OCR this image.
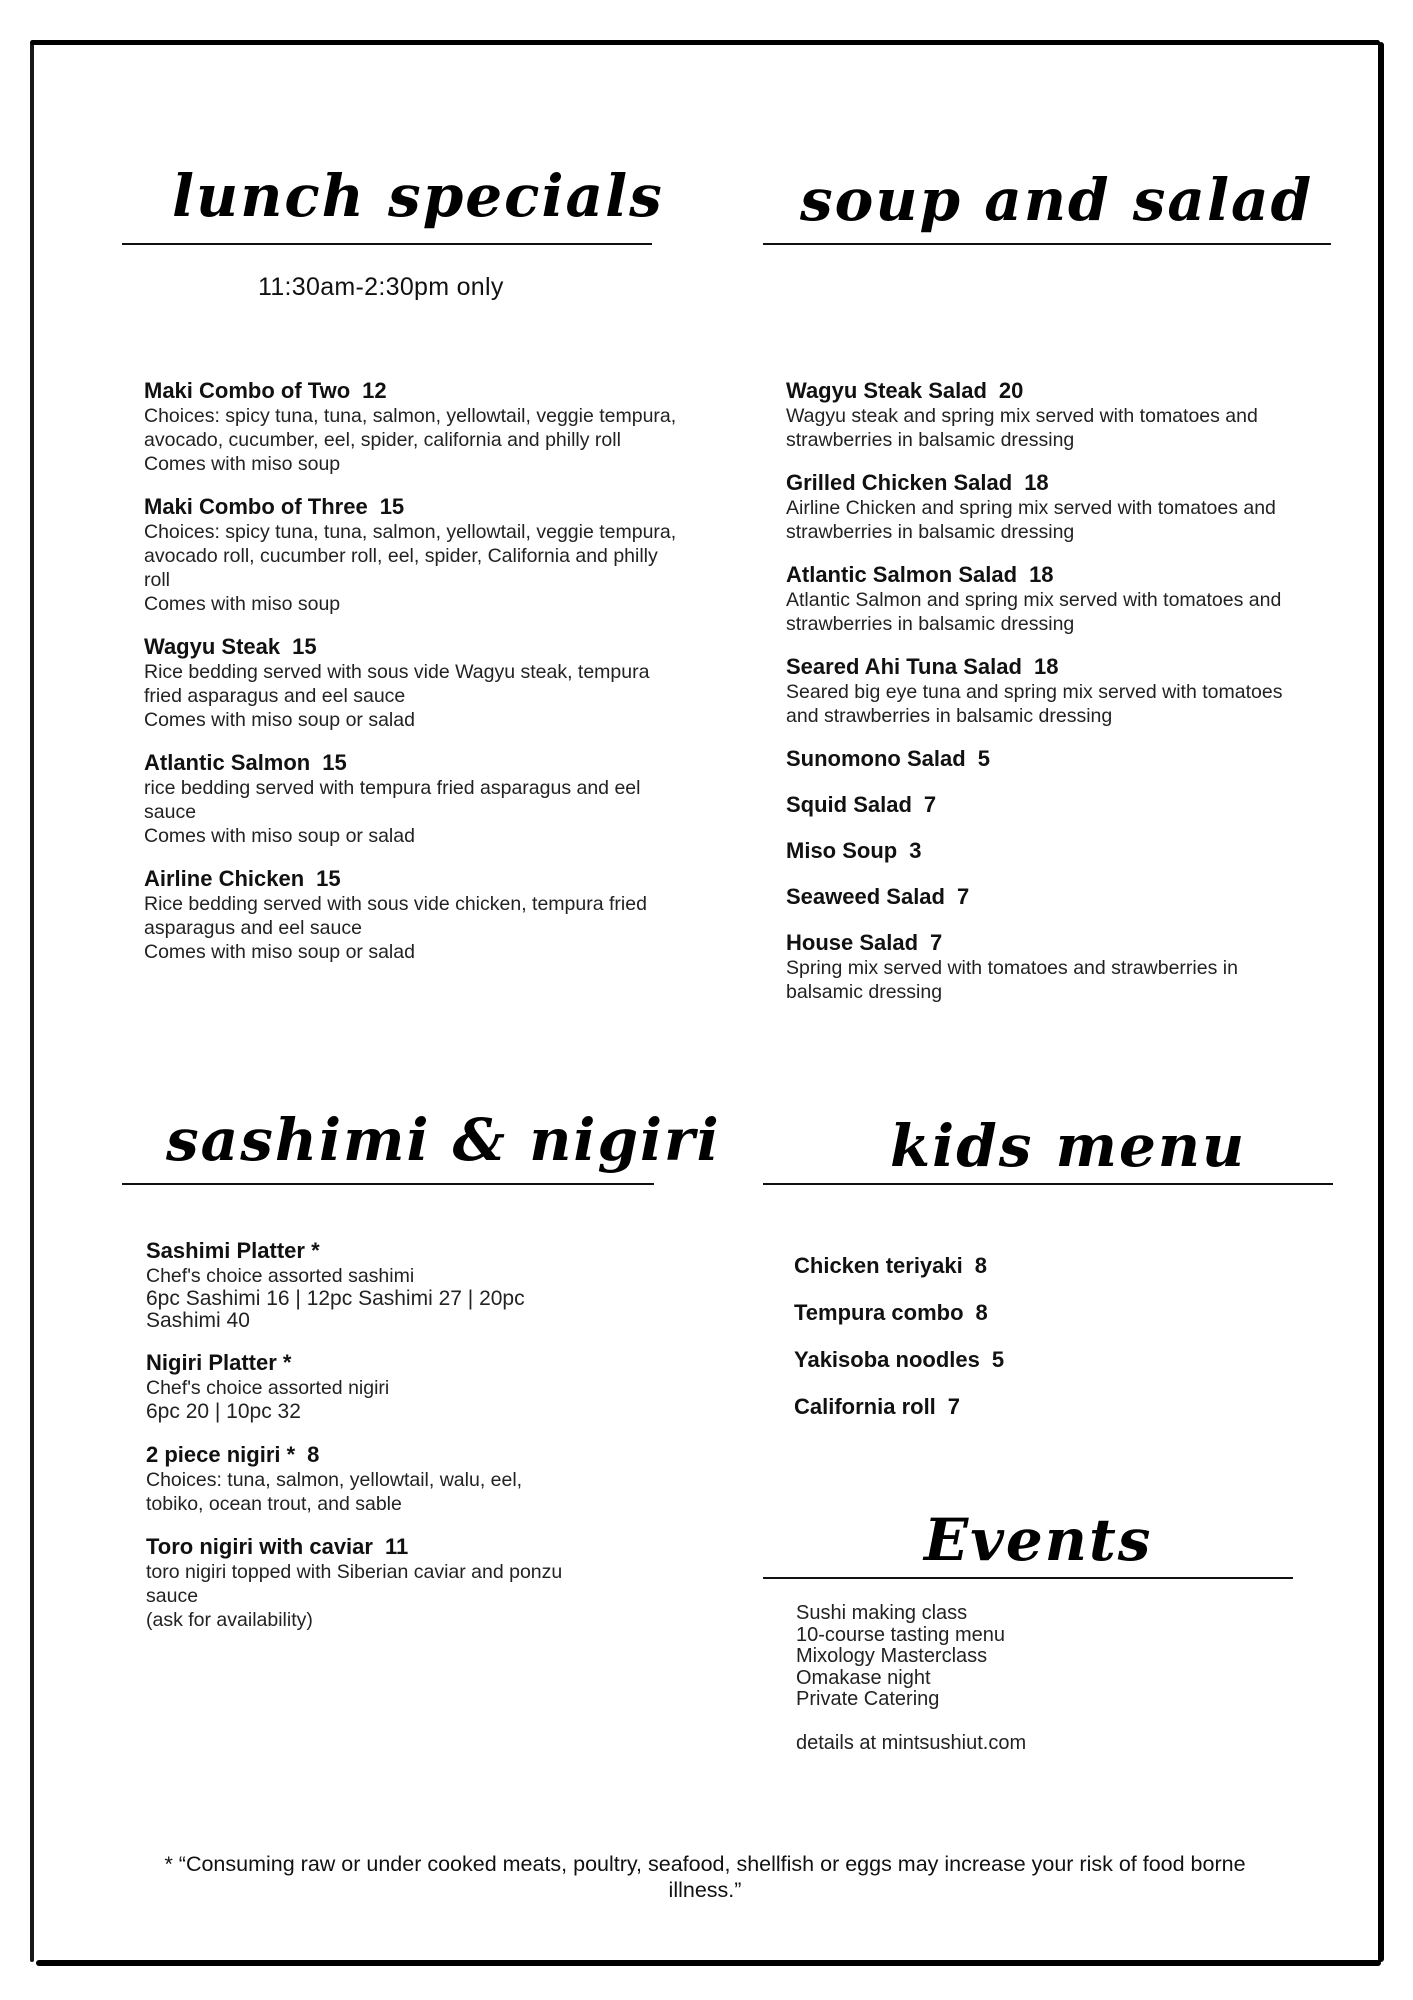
lunch specials
11:30am-2:30pm only
Maki Combo of Two 12
Choices: spicy tuna, tuna, salmon, yellowtail, veggie tempura, avocado, cucumber, eel, spider, california and philly roll
Comes with miso soup
Maki Combo of Three 15
Choices: spicy tuna, tuna, salmon, yellowtail, veggie tempura, avocado roll, cucumber roll, eel, spider, California and philly roll
Comes with miso soup
Wagyu Steak 15
Rice bedding served with sous vide Wagyu steak, tempura fried asparagus and eel sauce
Comes with miso soup or salad
Atlantic Salmon 15
rice bedding served with tempura fried asparagus and eel sauce
Comes with miso soup or salad
Airline Chicken 15
Rice bedding served with sous vide chicken, tempura fried asparagus and eel sauce
Comes with miso soup or salad
soup and salad
Wagyu Steak Salad 20
Wagyu steak and spring mix served with tomatoes and strawberries in balsamic dressing
Grilled Chicken Salad 18
Airline Chicken and spring mix served with tomatoes and strawberries in balsamic dressing
Atlantic Salmon Salad 18
Atlantic Salmon and spring mix served with tomatoes and strawberries in balsamic dressing
Seared Ahi Tuna Salad 18
Seared big eye tuna and spring mix served with tomatoes and strawberries in balsamic dressing
Sunomono Salad 5
Squid Salad 7
Miso Soup 3
Seaweed Salad 7
House Salad 7
Spring mix served with tomatoes and strawberries in balsamic dressing
sashimi & nigiri
Sashimi Platter *
Chef's choice assorted sashimi
6pc Sashimi 16 | 12pc Sashimi 27 | 20pc Sashimi 40
Nigiri Platter *
Chef's choice assorted nigiri
6pc 20 | 10pc 32
2 piece nigiri * 8
Choices: tuna, salmon, yellowtail, walu, eel, tobiko, ocean trout, and sable
Toro nigiri with caviar 11
toro nigiri topped with Siberian caviar and ponzu sauce
(ask for availability)
kids menu
Chicken teriyaki 8
Tempura combo 8
Yakisoba noodles 5
California roll 7
Events
Sushi making class
10-course tasting menu
Mixology Masterclass
Omakase night
Private Catering
details at mintsushiut.com
* “Consuming raw or under cooked meats, poultry, seafood, shellfish or eggs may increase your risk of food borne illness.”
